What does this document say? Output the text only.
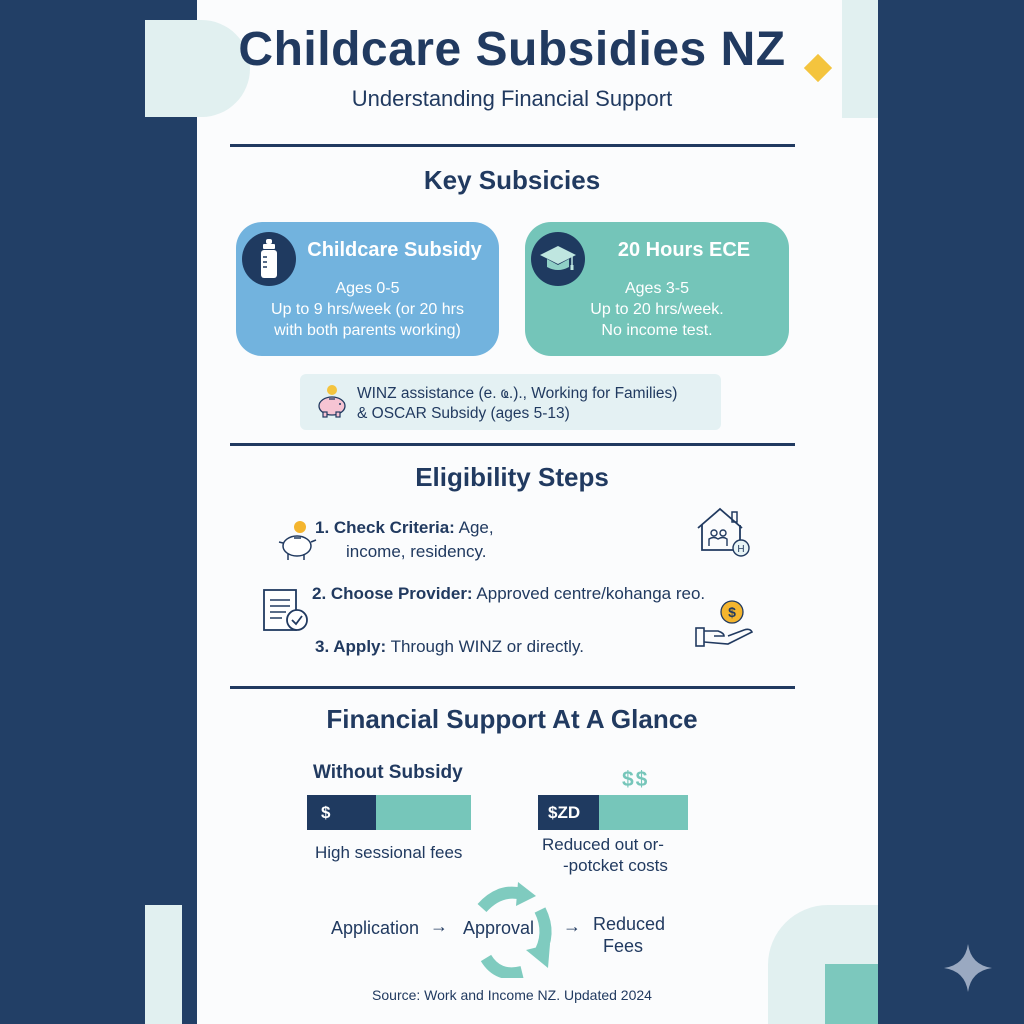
Childcare Subsidies NZ
Understanding Financial Support
Key Subsicies
Childcare Subsidy
Ages 0-5
Up to 9 hrs/week (or 20 hrs
with both parents working)
20 Hours ECE
Ages 3-5
Up to 20 hrs/week.
No income test.
WINZ assistance (e. ҩ.)., Working for Families)
& OSCAR Subsidy (ages 5-13)
Eligibility Steps
1. Check Criteria: Age,
income, residency.	H
2. Choose Provider: Approved centre/kohanga reo.
$
3. Apply: Through WINZ or directly.
Financial Support At A Glance
Without Subsidy
$
High sessional fees
$$
$ZD
Reduced out or-
-potcket costs
Application → Approval → Reduced
Fees
Source: Work and Income NZ. Updated 2024
